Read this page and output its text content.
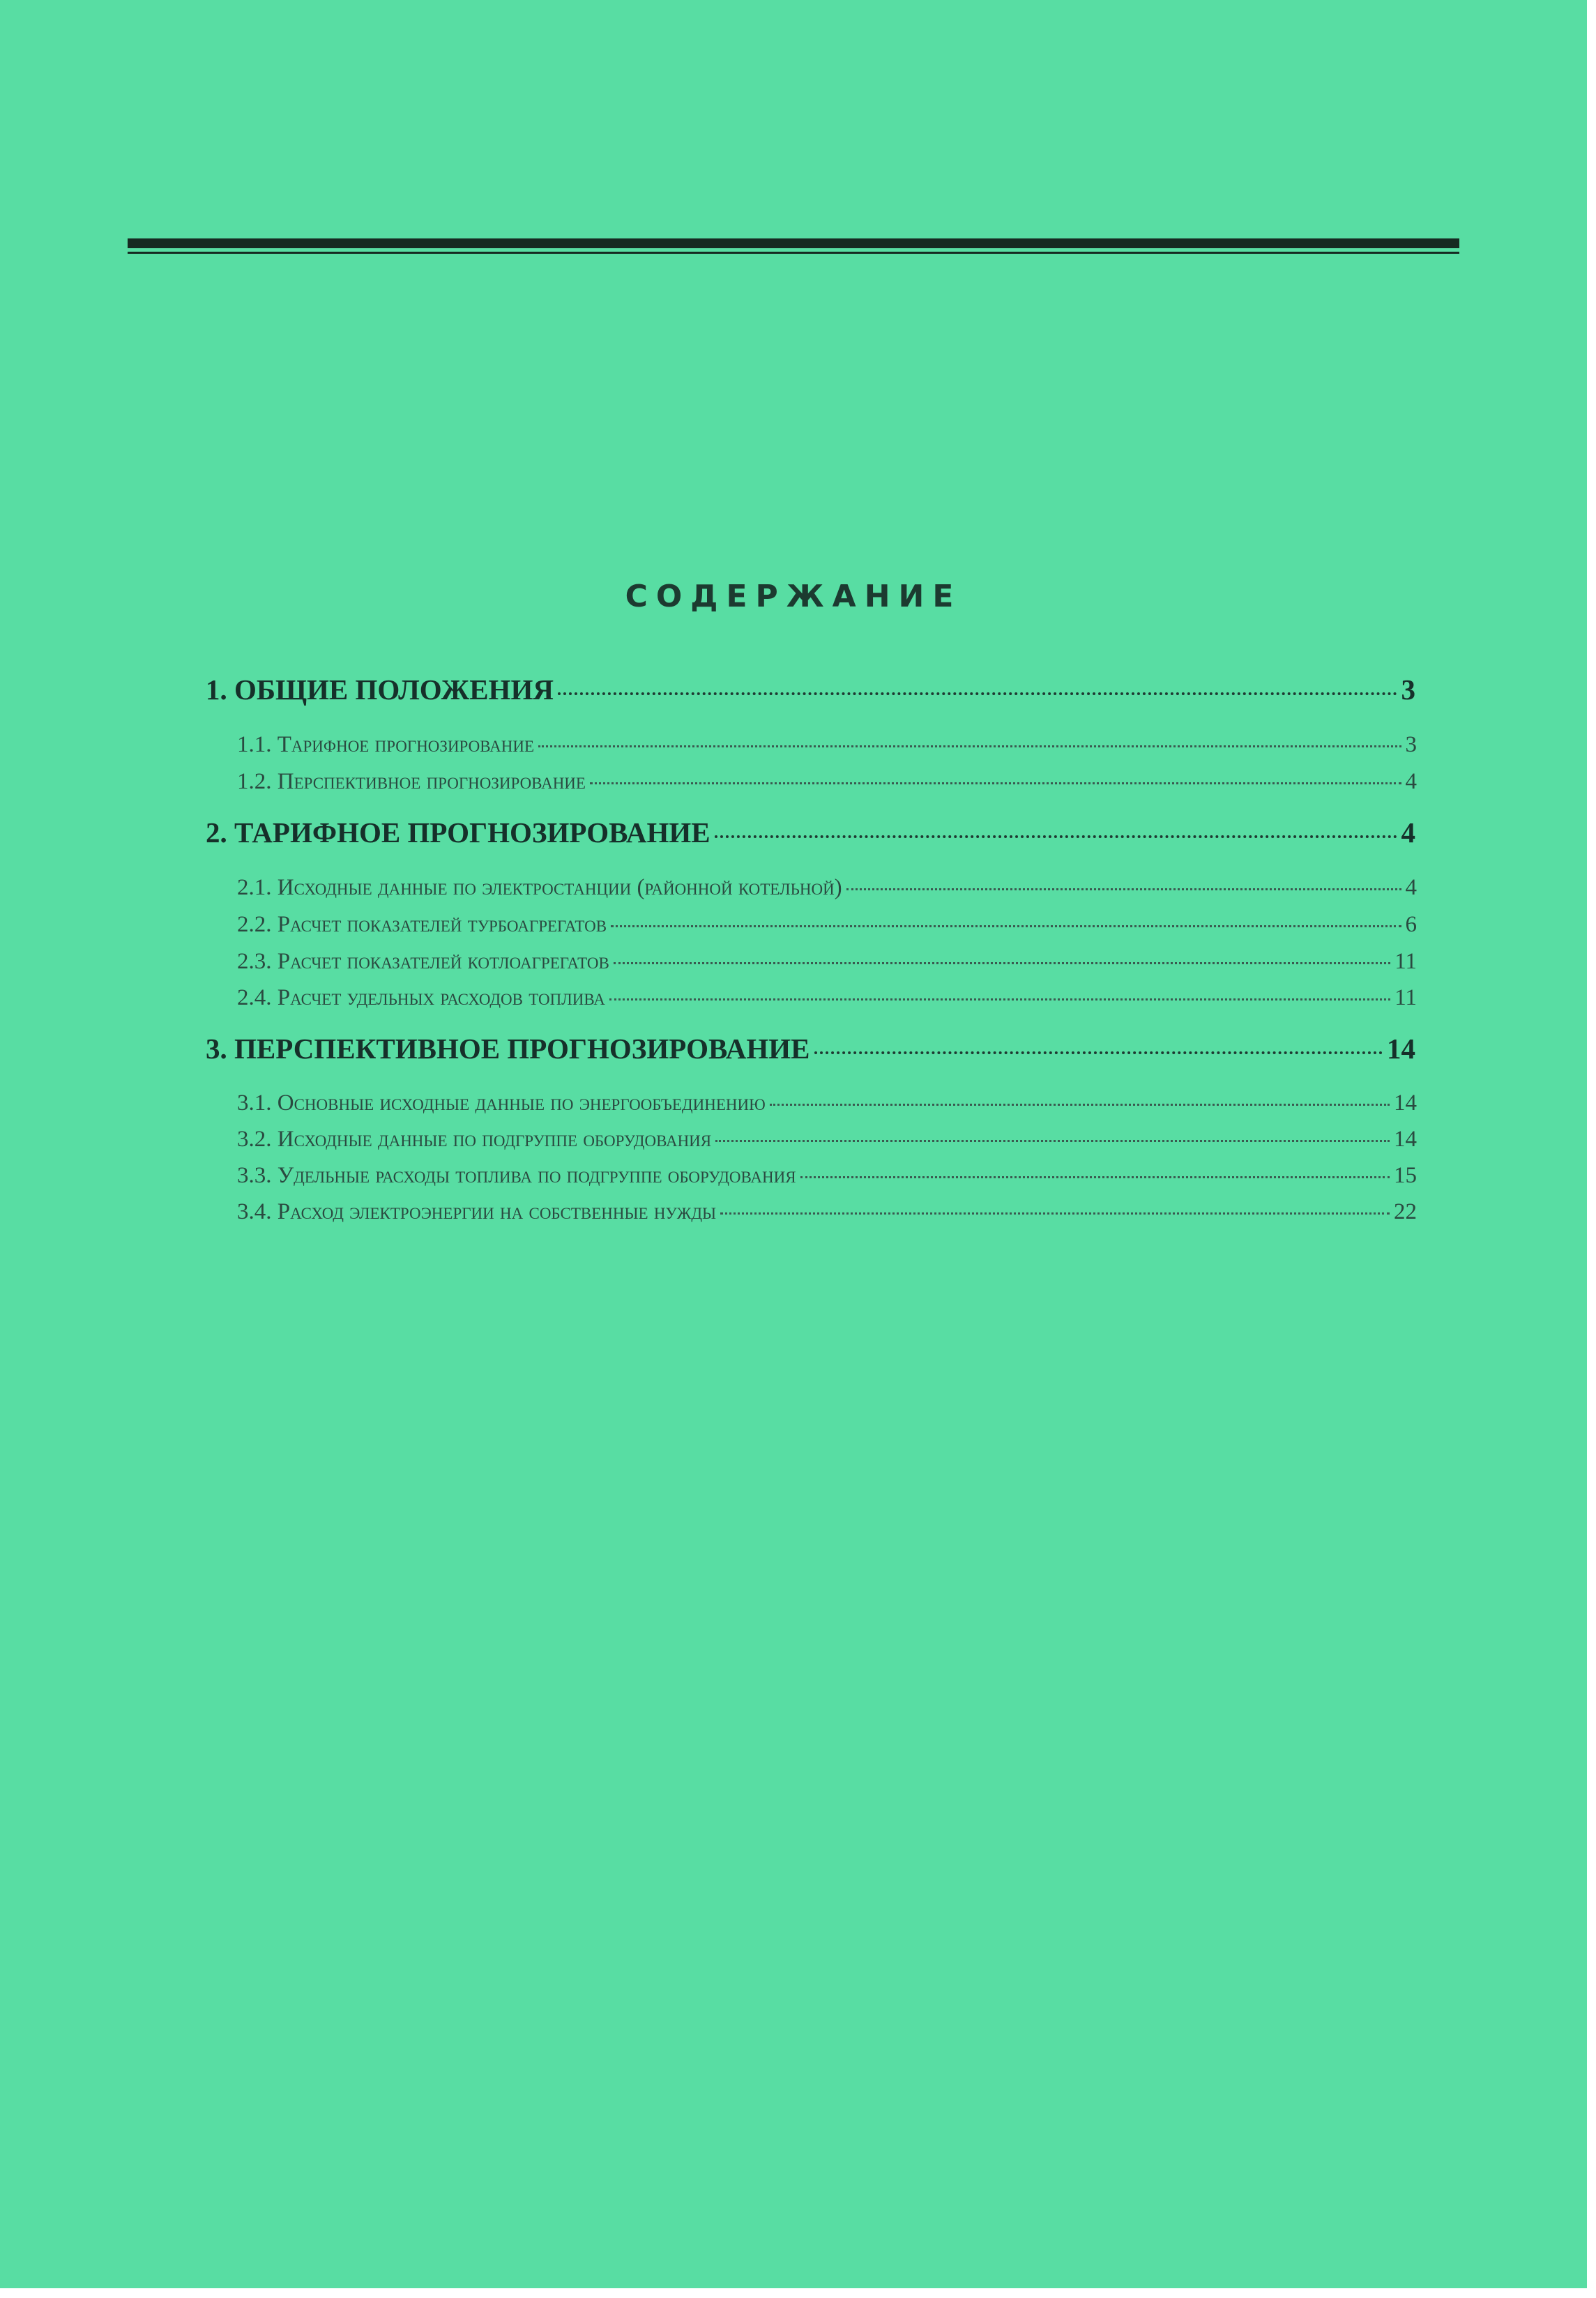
СОДЕРЖАНИЕ
1. ОБЩИЕ ПОЛОЖЕНИЯ	3
1.1. Тарифное прогнозирование	3
1.2. Перспективное прогнозирование	4
2. ТАРИФНОЕ ПРОГНОЗИРОВАНИЕ	4
2.1. Исходные данные по электростанции (районной котельной)	4
2.2. Расчет показателей турбоагрегатов	6
2.3. Расчет показателей котлоагрегатов	11
2.4. Расчет удельных расходов топлива	11
3. ПЕРСПЕКТИВНОЕ ПРОГНОЗИРОВАНИЕ	14
3.1. Основные исходные данные по энергообъединению	14
3.2. Исходные данные по подгруппе оборудования	14
3.3. Удельные расходы топлива по подгруппе оборудования	15
3.4. Расход электроэнергии на собственные нужды	22
